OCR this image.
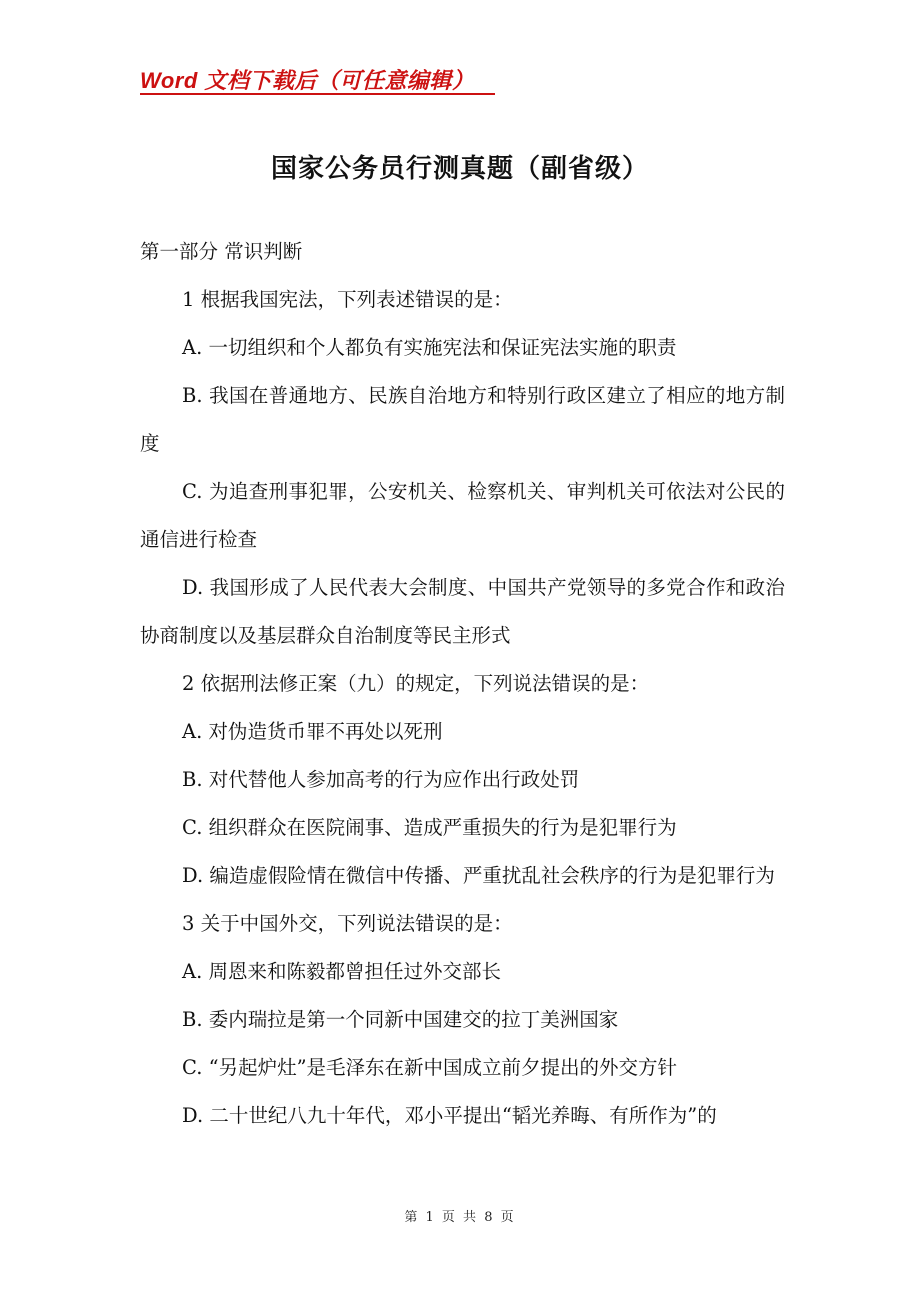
Word 文档下载后（可任意编辑）
国家公务员行测真题（副省级）

第一部分 常识判断

1 根据我国宪法，下列表述错误的是：

A. 一切组织和个人都负有实施宪法和保证宪法实施的职责

B. 我国在普通地方、民族自治地方和特别行政区建立了相应的地方制度

C. 为追查刑事犯罪，公安机关、检察机关、审判机关可依法对公民的通信进行检查

D. 我国形成了人民代表大会制度、中国共产党领导的多党合作和政治协商制度以及基层群众自治制度等民主形式

2 依据刑法修正案（九）的规定，下列说法错误的是：

A. 对伪造货币罪不再处以死刑

B. 对代替他人参加高考的行为应作出行政处罚

C. 组织群众在医院闹事、造成严重损失的行为是犯罪行为

D. 编造虚假险情在微信中传播、严重扰乱社会秩序的行为是犯罪行为

3 关于中国外交，下列说法错误的是：

A. 周恩来和陈毅都曾担任过外交部长

B. 委内瑞拉是第一个同新中国建交的拉丁美洲国家

C. “另起炉灶”是毛泽东在新中国成立前夕提出的外交方针

D. 二十世纪八九十年代，邓小平提出“韬光养晦、有所作为”的

第 1 页 共 8 页
